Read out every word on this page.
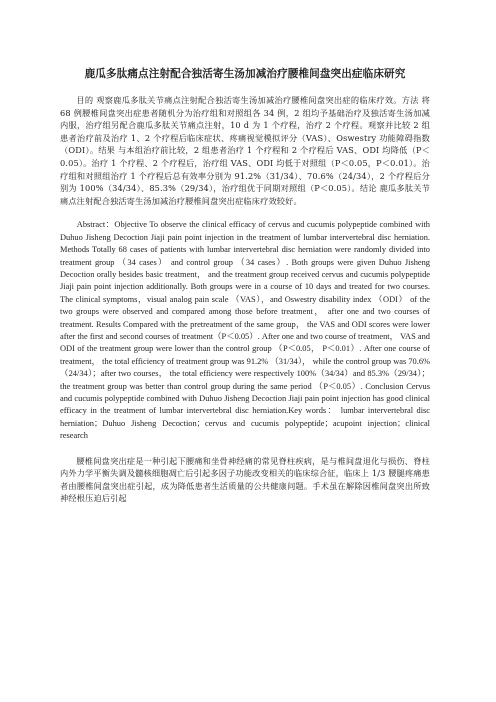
鹿瓜多肽痛点注射配合独活寄生汤加减治疗腰椎间盘突出症临床研究

目的 观察鹿瓜多肽关节痛点注射配合独活寄生汤加减治疗腰椎间盘突出症的临床疗效。方法 将 68 例腰椎间盘突出症患者随机分为治疗组和对照组各 34 例，2 组均予基础治疗及独活寄生汤加减内服，治疗组另配合鹿瓜多肽关节痛点注射，10 d 为 1 个疗程，治疗 2 个疗程。观察并比较 2 组患者治疗前及治疗 1、2 个疗程后临床症状、疼痛视觉模拟评分（VAS）、Oswestry 功能障碍指数（ODI）。结果 与本组治疗前比较，2 组患者治疗 1 个疗程和 2 个疗程后 VAS、ODI 均降低（P＜0.05）。治疗 1 个疗程、2 个疗程后，治疗组 VAS、ODI 均低于对照组（P＜0.05，P＜0.01）。治疗组和对照组治疗 1 个疗程后总有效率分别为 91.2%（31/34）、70.6%（24/34），2 个疗程后分别为 100%（34/34）、85.3%（29/34），治疗组优于同期对照组（P＜0.05）。结论 鹿瓜多肽关节痛点注射配合独活寄生汤加减治疗腰椎间盘突出症临床疗效较好。

Abstract：Objective To observe the clinical efficacy of cervus and cucumis polypeptide combined with Duhuo Jisheng Decoction Jiaji pain point injection in the treatment of lumbar intervertebral disc herniation. Methods Totally 68 cases of patients with lumbar intervertebral disc herniation were randomly divided into treatment group （34 cases） and control group （34 cases）. Both groups were given Duhuo Jisheng Decoction orally besides basic treatment， and the treatment group received cervus and cucumis polypeptide Jiaji pain point injection additionally. Both groups were in a course of 10 days and treated for two courses. The clinical symptoms，visual analog pain scale （VAS），and Oswestry disability index （ODI） of the two groups were observed and compared among those before treatment， after one and two courses of treatment. Results Compared with the pretreatment of the same group， the VAS and ODI scores were lower after the first and second courses of treatment（P＜0.05）. After one and two course of treatment， VAS and ODI of the treatment group were lower than the control group （P＜0.05， P＜0.01）. After one course of treatment， the total efficiency of treatment group was 91.2% （31/34）， while the control group was 70.6% （24/34）；after two courses， the total efficiency were respectively 100%（34/34）and 85.3%（29/34）；the treatment group was better than control group during the same period （P＜0.05）. Conclusion Cervus and cucumis polypeptide combined with Duhuo Jisheng Decoction Jiaji pain point injection has good clinical efficacy in the treatment of lumbar intervertebral disc herniation.Key words： lumbar intervertebral disc herniation；Duhuo Jisheng Decoction；cervus and cucumis polypeptide；acupoint injection；clinical research

腰椎间盘突出症是一种引起下腰痛和坐骨神经痛的常见脊柱疾病，是与椎间盘退化与损伤、脊柱内外力学平衡失调及髓核细胞凋亡后引起多因子功能改变相关的临床综合征，临床上 1/3 腰腿疼痛患者由腰椎间盘突出症引起，成为降低患者生活质量的公共健康问题。手术虽在解除因椎间盘突出所致神经根压迫后引起
